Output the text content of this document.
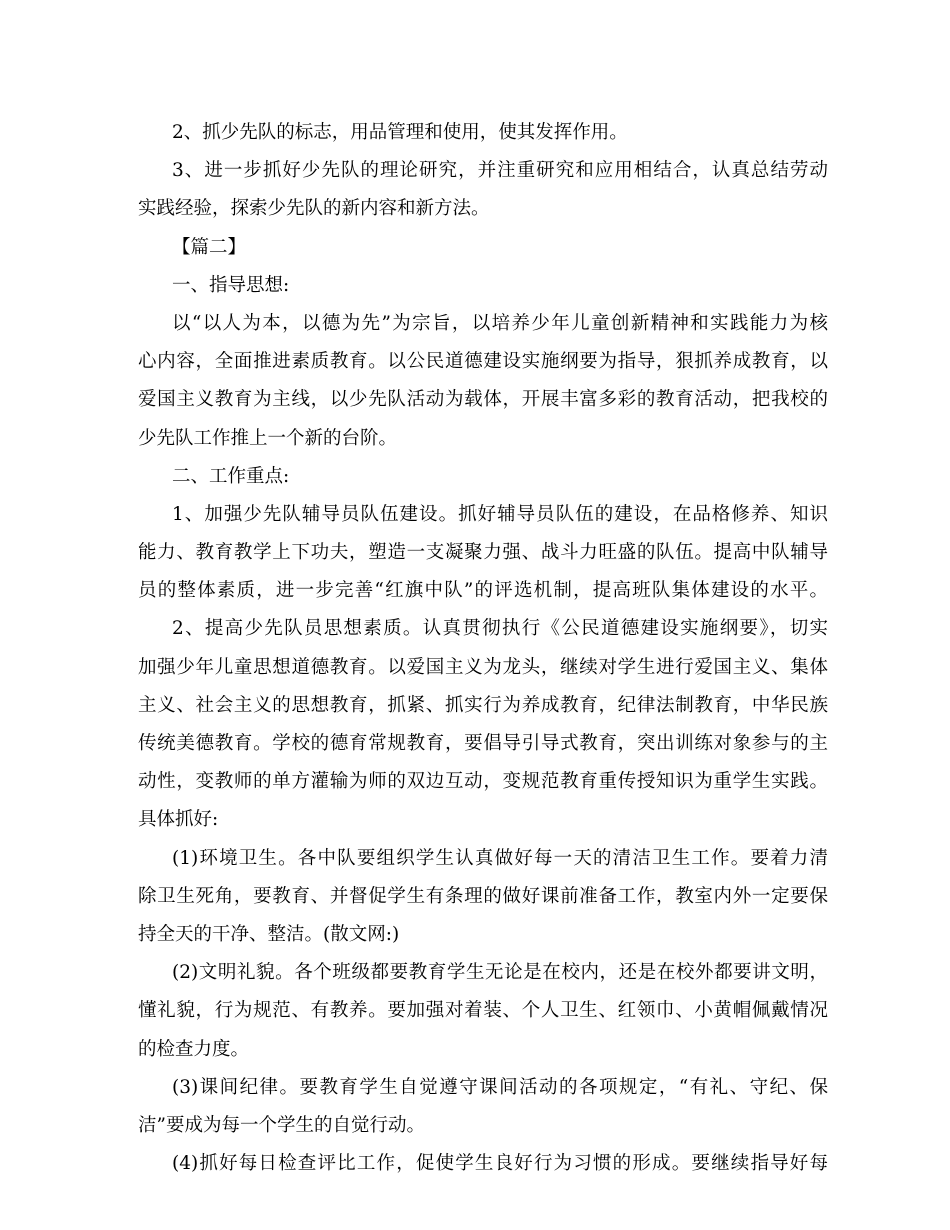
2、抓少先队的标志，用品管理和使用，使其发挥作用。
3、进一步抓好少先队的理论研究，并注重研究和应用相结合，认真总结劳动
实践经验，探索少先队的新内容和新方法。
【篇二】
一、指导思想:
以“以人为本，以德为先”为宗旨，以培养少年儿童创新精神和实践能力为核
心内容，全面推进素质教育。以公民道德建设实施纲要为指导，狠抓养成教育，以
爱国主义教育为主线，以少先队活动为载体，开展丰富多彩的教育活动，把我校的
少先队工作推上一个新的台阶。
二、工作重点:
1、加强少先队辅导员队伍建设。抓好辅导员队伍的建设，在品格修养、知识
能力、教育教学上下功夫，塑造一支凝聚力强、战斗力旺盛的队伍。提高中队辅导
员的整体素质，进一步完善“红旗中队”的评选机制，提高班队集体建设的水平。
2、提高少先队员思想素质。认真贯彻执行《公民道德建设实施纲要》，切实
加强少年儿童思想道德教育。以爱国主义为龙头，继续对学生进行爱国主义、集体
主义、社会主义的思想教育，抓紧、抓实行为养成教育，纪律法制教育，中华民族
传统美德教育。学校的德育常规教育，要倡导引导式教育，突出训练对象参与的主
动性，变教师的单方灌输为师的双边互动，变规范教育重传授知识为重学生实践。
具体抓好:
(1)环境卫生。各中队要组织学生认真做好每一天的清洁卫生工作。要着力清
除卫生死角，要教育、并督促学生有条理的做好课前准备工作，教室内外一定要保
持全天的干净、整洁。(散文网:)
(2)文明礼貌。各个班级都要教育学生无论是在校内，还是在校外都要讲文明，
懂礼貌，行为规范、有教养。要加强对着装、个人卫生、红领巾、小黄帽佩戴情况
的检查力度。
(3)课间纪律。要教育学生自觉遵守课间活动的各项规定，“有礼、守纪、保
洁”要成为每一个学生的自觉行动。
(4)抓好每日检查评比工作，促使学生良好行为习惯的形成。要继续指导好每
